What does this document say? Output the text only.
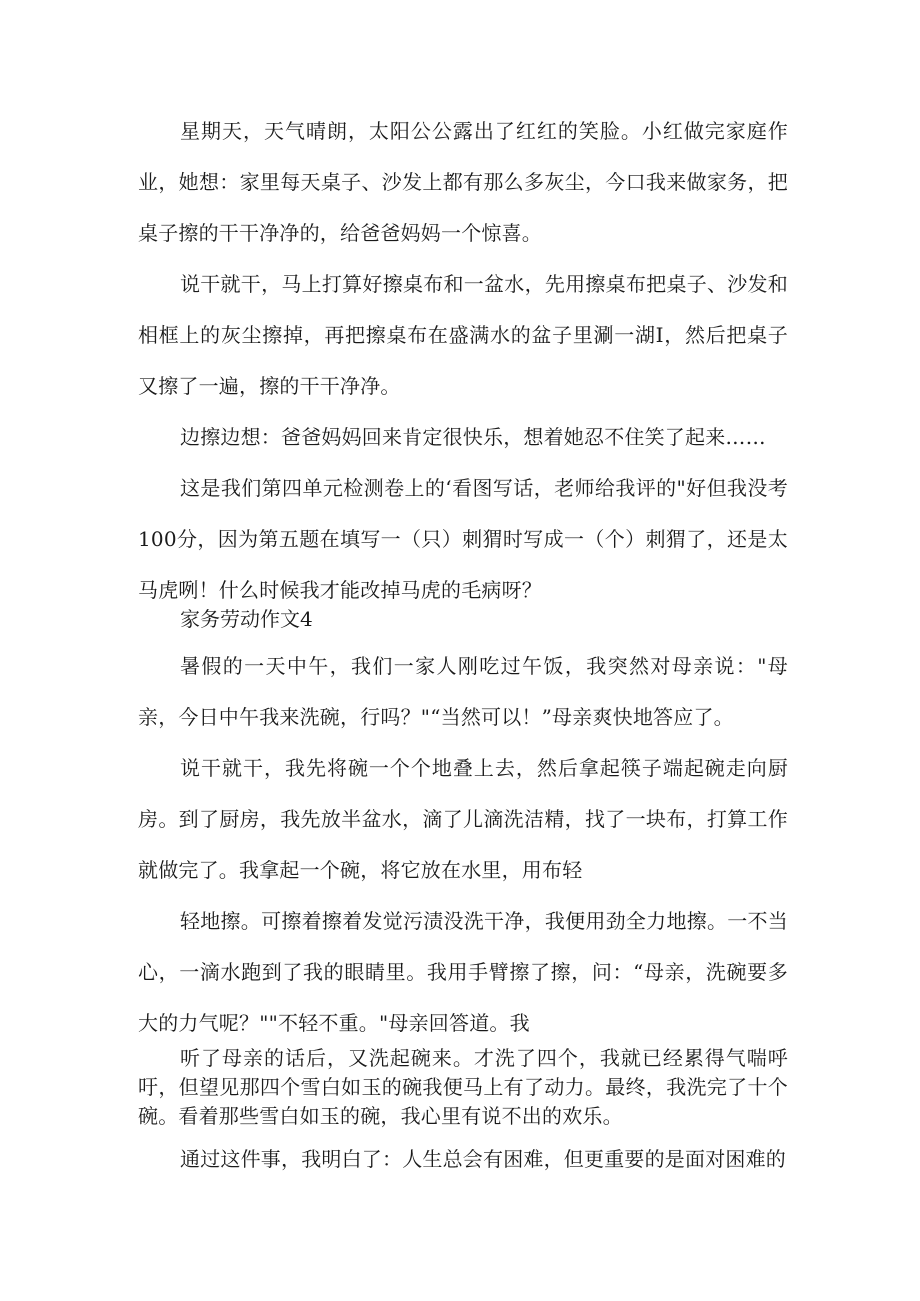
星期天，天气晴朗，太阳公公露出了红红的笑脸。小红做完家庭作业，她想：家里每天桌子、沙发上都有那么多灰尘，今口我来做家务，把桌子擦的干干净净的，给爸爸妈妈一个惊喜。

说干就干，马上打算好擦桌布和一盆水，先用擦桌布把桌子、沙发和相框上的灰尘擦掉，再把擦桌布在盛满水的盆子里涮一湖I，然后把桌子又擦了一遍，擦的干干净净。

边擦边想：爸爸妈妈回来肯定很快乐，想着她忍不住笑了起来……

这是我们第四单元检测卷上的‘看图写话，老师给我评的"好但我没考100分，因为第五题在填写一（只）刺猬时写成一（个）刺猬了，还是太马虎咧！什么时候我才能改掉马虎的毛病呀？

家务劳动作文4

暑假的一天中午，我们一家人刚吃过午饭，我突然对母亲说："母亲，今日中午我来洗碗，行吗？"“当然可以！”母亲爽快地答应了。

说干就干，我先将碗一个个地叠上去，然后拿起筷子端起碗走向厨房。到了厨房，我先放半盆水，滴了儿滴洗洁精，找了一块布，打算工作就做完了。我拿起一个碗，将它放在水里，用布轻

轻地擦。可擦着擦着发觉污渍没洗干净，我便用劲全力地擦。一不当心，一滴水跑到了我的眼睛里。我用手臂擦了擦，问：“母亲，洗碗要多大的力气呢？""不轻不重。"母亲回答道。我

听了母亲的话后，又洗起碗来。才洗了四个，我就已经累得气喘呼吁，但望见那四个雪白如玉的碗我便马上有了动力。最终，我洗完了十个碗。看着那些雪白如玉的碗，我心里有说不出的欢乐。

通过这件事，我明白了：人生总会有困难，但更重要的是面对困难的
